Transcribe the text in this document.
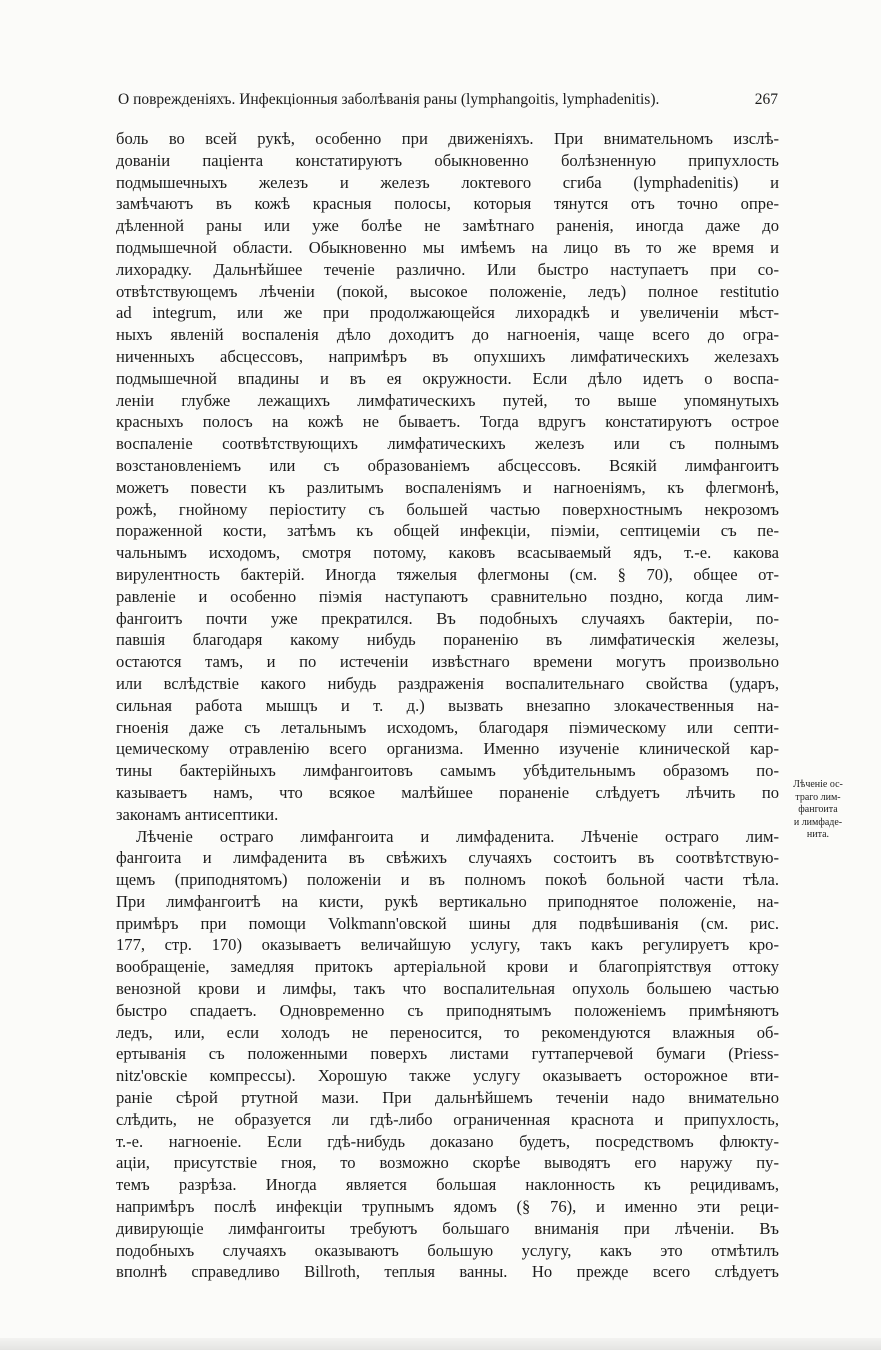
О поврежденіяхъ. Инфекціонныя заболѣванія раны (lymphangoitis, lymphadenitis).	267
боль во всей рукѣ, особенно при движеніяхъ. При внимательномъ изслѣ-
дованіи паціента констатируютъ обыкновенно болѣзненную припухлость
подмышечныхъ железъ и железъ локтевого сгиба (lymphadenitis) и
замѣчаютъ въ кожѣ красныя полосы, которыя тянутся отъ точно опре-
дѣленной раны или уже болѣе не замѣтнаго раненія, иногда даже до
подмышечной области. Обыкновенно мы имѣемъ на лицо въ то же время и
лихорадку. Дальнѣйшее теченіе различно. Или быстро наступаетъ при со-
отвѣтствующемъ лѣченіи (покой, высокое положеніе, ледъ) полное restitutio
ad integrum, или же при продолжающейся лихорадкѣ и увеличеніи мѣст-
ныхъ явленій воспаленія дѣло доходитъ до нагноенія, чаще всего до огра-
ниченныхъ абсцессовъ, напримѣръ въ опухшихъ лимфатическихъ железахъ
подмышечной впадины и въ ея окружности. Если дѣло идетъ о воспа-
леніи глубже лежащихъ лимфатическихъ путей, то выше упомянутыхъ
красныхъ полосъ на кожѣ не бываетъ. Тогда вдругъ констатируютъ острое
воспаленіе соотвѣтствующихъ лимфатическихъ железъ или съ полнымъ
возстановленіемъ или съ образованіемъ абсцессовъ. Всякій лимфангоитъ
можетъ повести къ разлитымъ воспаленіямъ и нагноеніямъ, къ флегмонѣ,
рожѣ, гнойному періоститу съ большей частью поверхностнымъ некрозомъ
пораженной кости, затѣмъ къ общей инфекціи, піэміи, септицеміи съ пе-
чальнымъ исходомъ, смотря потому, каковъ всасываемый ядъ, т.-е. какова
вирулентность бактерій. Иногда тяжелыя флегмоны (см. § 70), общее от-
равленіе и особенно піэмія наступаютъ сравнительно поздно, когда лим-
фангоитъ почти уже прекратился. Въ подобныхъ случаяхъ бактеріи, по-
павшія благодаря какому нибудь пораненію въ лимфатическія железы,
остаются тамъ, и по истеченіи извѣстнаго времени могутъ произвольно
или вслѣдствіе какого нибудь раздраженія воспалительнаго свойства (ударъ,
сильная работа мышцъ и т. д.) вызвать внезапно злокачественныя на-
гноенія даже съ летальнымъ исходомъ, благодаря піэмическому или септи-
цемическому отравленію всего организма. Именно изученіе клинической кар-
тины бактерійныхъ лимфангоитовъ самымъ убѣдительнымъ образомъ по-
казываетъ намъ, что всякое малѣйшее пораненіе слѣдуетъ лѣчить по
законамъ антисептики.
Лѣченіе остраго лимфангоита и лимфаденита. Лѣченіе остраго лим-
фангоита и лимфаденита въ свѣжихъ случаяхъ состоитъ въ соотвѣтствую-
щемъ (приподнятомъ) положеніи и въ полномъ покоѣ больной части тѣла.
При лимфангоитѣ на кисти, рукѣ вертикально приподнятое положеніе, на-
примѣръ при помощи Volkmann'овской шины для подвѣшиванія (см. рис.
177, стр. 170) оказываетъ величайшую услугу, такъ какъ регулируетъ кро-
вообращеніе, замедляя притокъ артеріальной крови и благопріятствуя оттоку
венозной крови и лимфы, такъ что воспалительная опухоль большею частью
быстро спадаетъ. Одновременно съ приподнятымъ положеніемъ примѣняютъ
ледъ, или, если холодъ не переносится, то рекомендуются влажныя об-
ертыванія съ положенными поверхъ листами гуттаперчевой бумаги (Priess-
nitz'овскіе компрессы). Хорошую также услугу оказываетъ осторожное вти-
раніе сѣрой ртутной мази. При дальнѣйшемъ теченіи надо внимательно
слѣдить, не образуется ли гдѣ-либо ограниченная краснота и припухлость,
т.-е. нагноеніе. Если гдѣ-нибудь доказано будетъ, посредствомъ флюкту-
аціи, присутствіе гноя, то возможно скорѣе выводятъ его наружу пу-
темъ разрѣза. Иногда является большая наклонность къ рецидивамъ,
напримѣръ послѣ инфекціи трупнымъ ядомъ (§ 76), и именно эти реци-
дивирующіе лимфангоиты требуютъ большаго вниманія при лѣченіи. Въ
подобныхъ случаяхъ оказываютъ большую услугу, какъ это отмѣтилъ
вполнѣ справедливо Billroth, теплыя ванны. Но прежде всего слѣдуетъ
Лѣченіе ос-
траго лим-
фангоита
и лимфаде-
нита.
